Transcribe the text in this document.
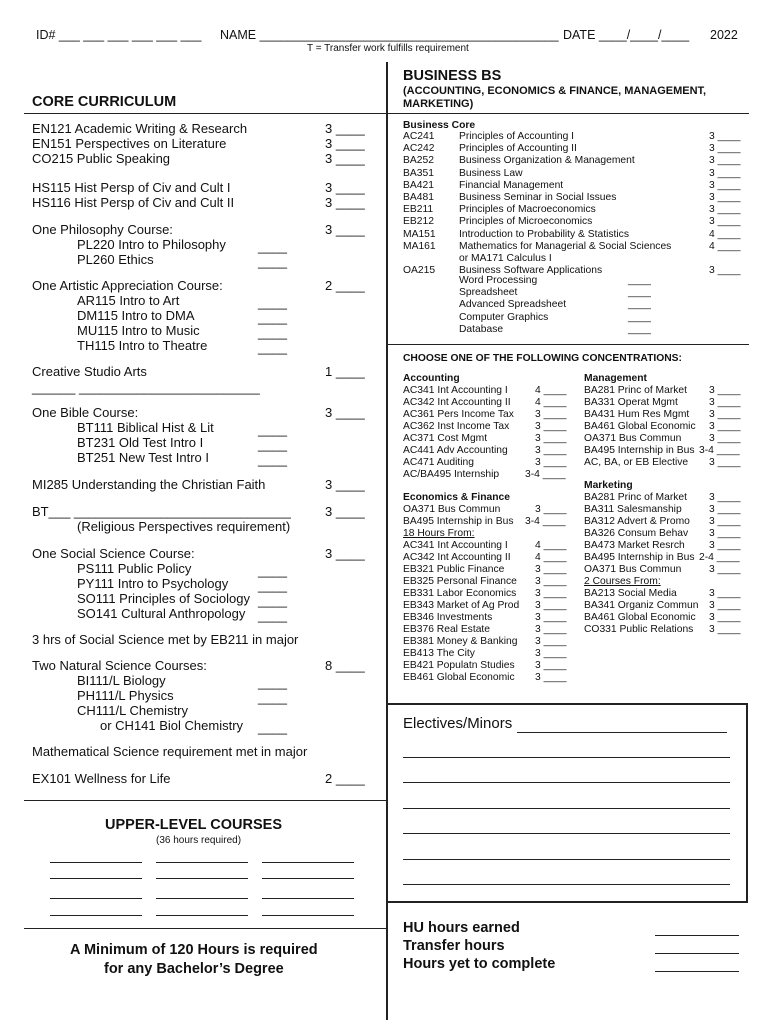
ID# ___ ___ ___ ___ ___ ___ NAME ___________________________________________ DATE ____/____/____ 2022
T = Transfer work fulfills requirement
CORE CURRICULUM
EN121 Academic Writing & Research	3 ____
EN151 Perspectives on Literature	3 ____
CO215 Public Speaking	3 ____
HS115 Hist Persp of Civ and Cult I	3 ____
HS116 Hist Persp of Civ and Cult II	3 ____
One Philosophy Course:	3 ____
PL220 Intro to Philosophy ____
PL260 Ethics	____
One Artistic Appreciation Course:	2 ____
AR115 Intro to Art	____
DM115 Intro to DMA	____
MU115 Intro to Music	____
TH115 Intro to Theatre	____
Creative Studio Arts	1 ____
______ _________________________
One Bible Course:	3 ____
BT111 Biblical Hist & Lit	____
BT231 Old Test Intro I	____
BT251 New Test Intro I	____
MI285 Understanding the Christian Faith	3 ____
BT___ ______________________________	3 ____
(Religious Perspectives requirement)
One Social Science Course:	3 ____
PS111 Public Policy	____
PY111 Intro to Psychology ____
SO111 Principles of Sociology ____
SO141 Cultural Anthropology ____
3 hrs of Social Science met by EB211 in major
Two Natural Science Courses:	8 ____
BI111/L Biology	____
PH111/L Physics	____
CH111/L Chemistry
or CH141 Biol Chemistry ____
Mathematical Science requirement met in major
EX101 Wellness for Life	2 ____
UPPER-LEVEL COURSES
(36 hours required)
A Minimum of 120 Hours is required
for any Bachelor’s Degree
BUSINESS BS
(ACCOUNTING, ECONOMICS & FINANCE, MANAGEMENT,
MARKETING)
Business Core
AC241 Principles of Accounting I	3 ____
AC242 Principles of Accounting II	3 ____
BA252 Business Organization & Management	3 ____
BA351 Business Law	3 ____
BA421 Financial Management	3 ____
BA481 Business Seminar in Social Issues	3 ____
EB211	Principles of Macroeconomics	3 ____
EB212 Principles of Microeconomics	3 ____
MA151 Introduction to Probability & Statistics	4 ____
MA161 Mathematics for Managerial & Social Sciences	4 ____
or MA171 Calculus I
OA215 Business Software Applications	3 ____
Word Processing	____
Spreadsheet	____
Advanced Spreadsheet	____
Computer Graphics	____
Database	____
CHOOSE ONE OF THE FOLLOWING CONCENTRATIONS:
Accounting
AC341 Int Accounting I	4 ____
AC342 Int Accounting II 4 ____
AC361 Pers Income Tax 3 ____
AC362 Inst Income Tax 3 ____
AC371 Cost Mgmt	3 ____
AC441 Adv Accounting	3 ____
AC471 Auditing	3 ____
AC/BA495 Internship	3-4 ____
Economics & Finance
OA371 Bus Commun	3 ____
BA495 Internship in Bus 3-4 ____
18 Hours From:
AC341 Int Accounting I	4 ____
AC342 Int Accounting II 4 ____
EB321 Public Finance	3 ____
EB325 Personal Finance 3 ____
EB331 Labor Economics 3 ____
EB343 Market of Ag Prod 3 ____
EB346 Investments	3 ____
EB376 Real Estate	3 ____
EB381 Money & Banking 3 ____
EB413 The City	3 ____
EB421 Populatn Studies 3 ____
EB461 Global Economic 3 ____
Management
BA281 Princ of Market 3 ____
BA331 Operat Mgmt	3 ____
BA431 Hum Res Mgmt 3 ____
BA461 Global Economic 3 ____
OA371 Bus Commun	3 ____
BA495 Internship in Bus 3-4 ____
AC, BA, or EB Elective 3 ____
Marketing
BA281 Princ of Market 3 ____
BA311 Salesmanship	3 ____
BA312 Advert & Promo 3 ____
BA326 Consum Behav 3 ____
BA473 Market Resrch 3 ____
BA495 Internship in Bus 2-4 ____
OA371 Bus Commun	3 ____
2 Courses From:
BA213 Social Media	3 ____
BA341 Organiz Commun 3 ____
BA461 Global Economic 3 ____
CO331 Public Relations 3 ____
Electives/Minors
HU hours earned
Transfer hours
Hours yet to complete
